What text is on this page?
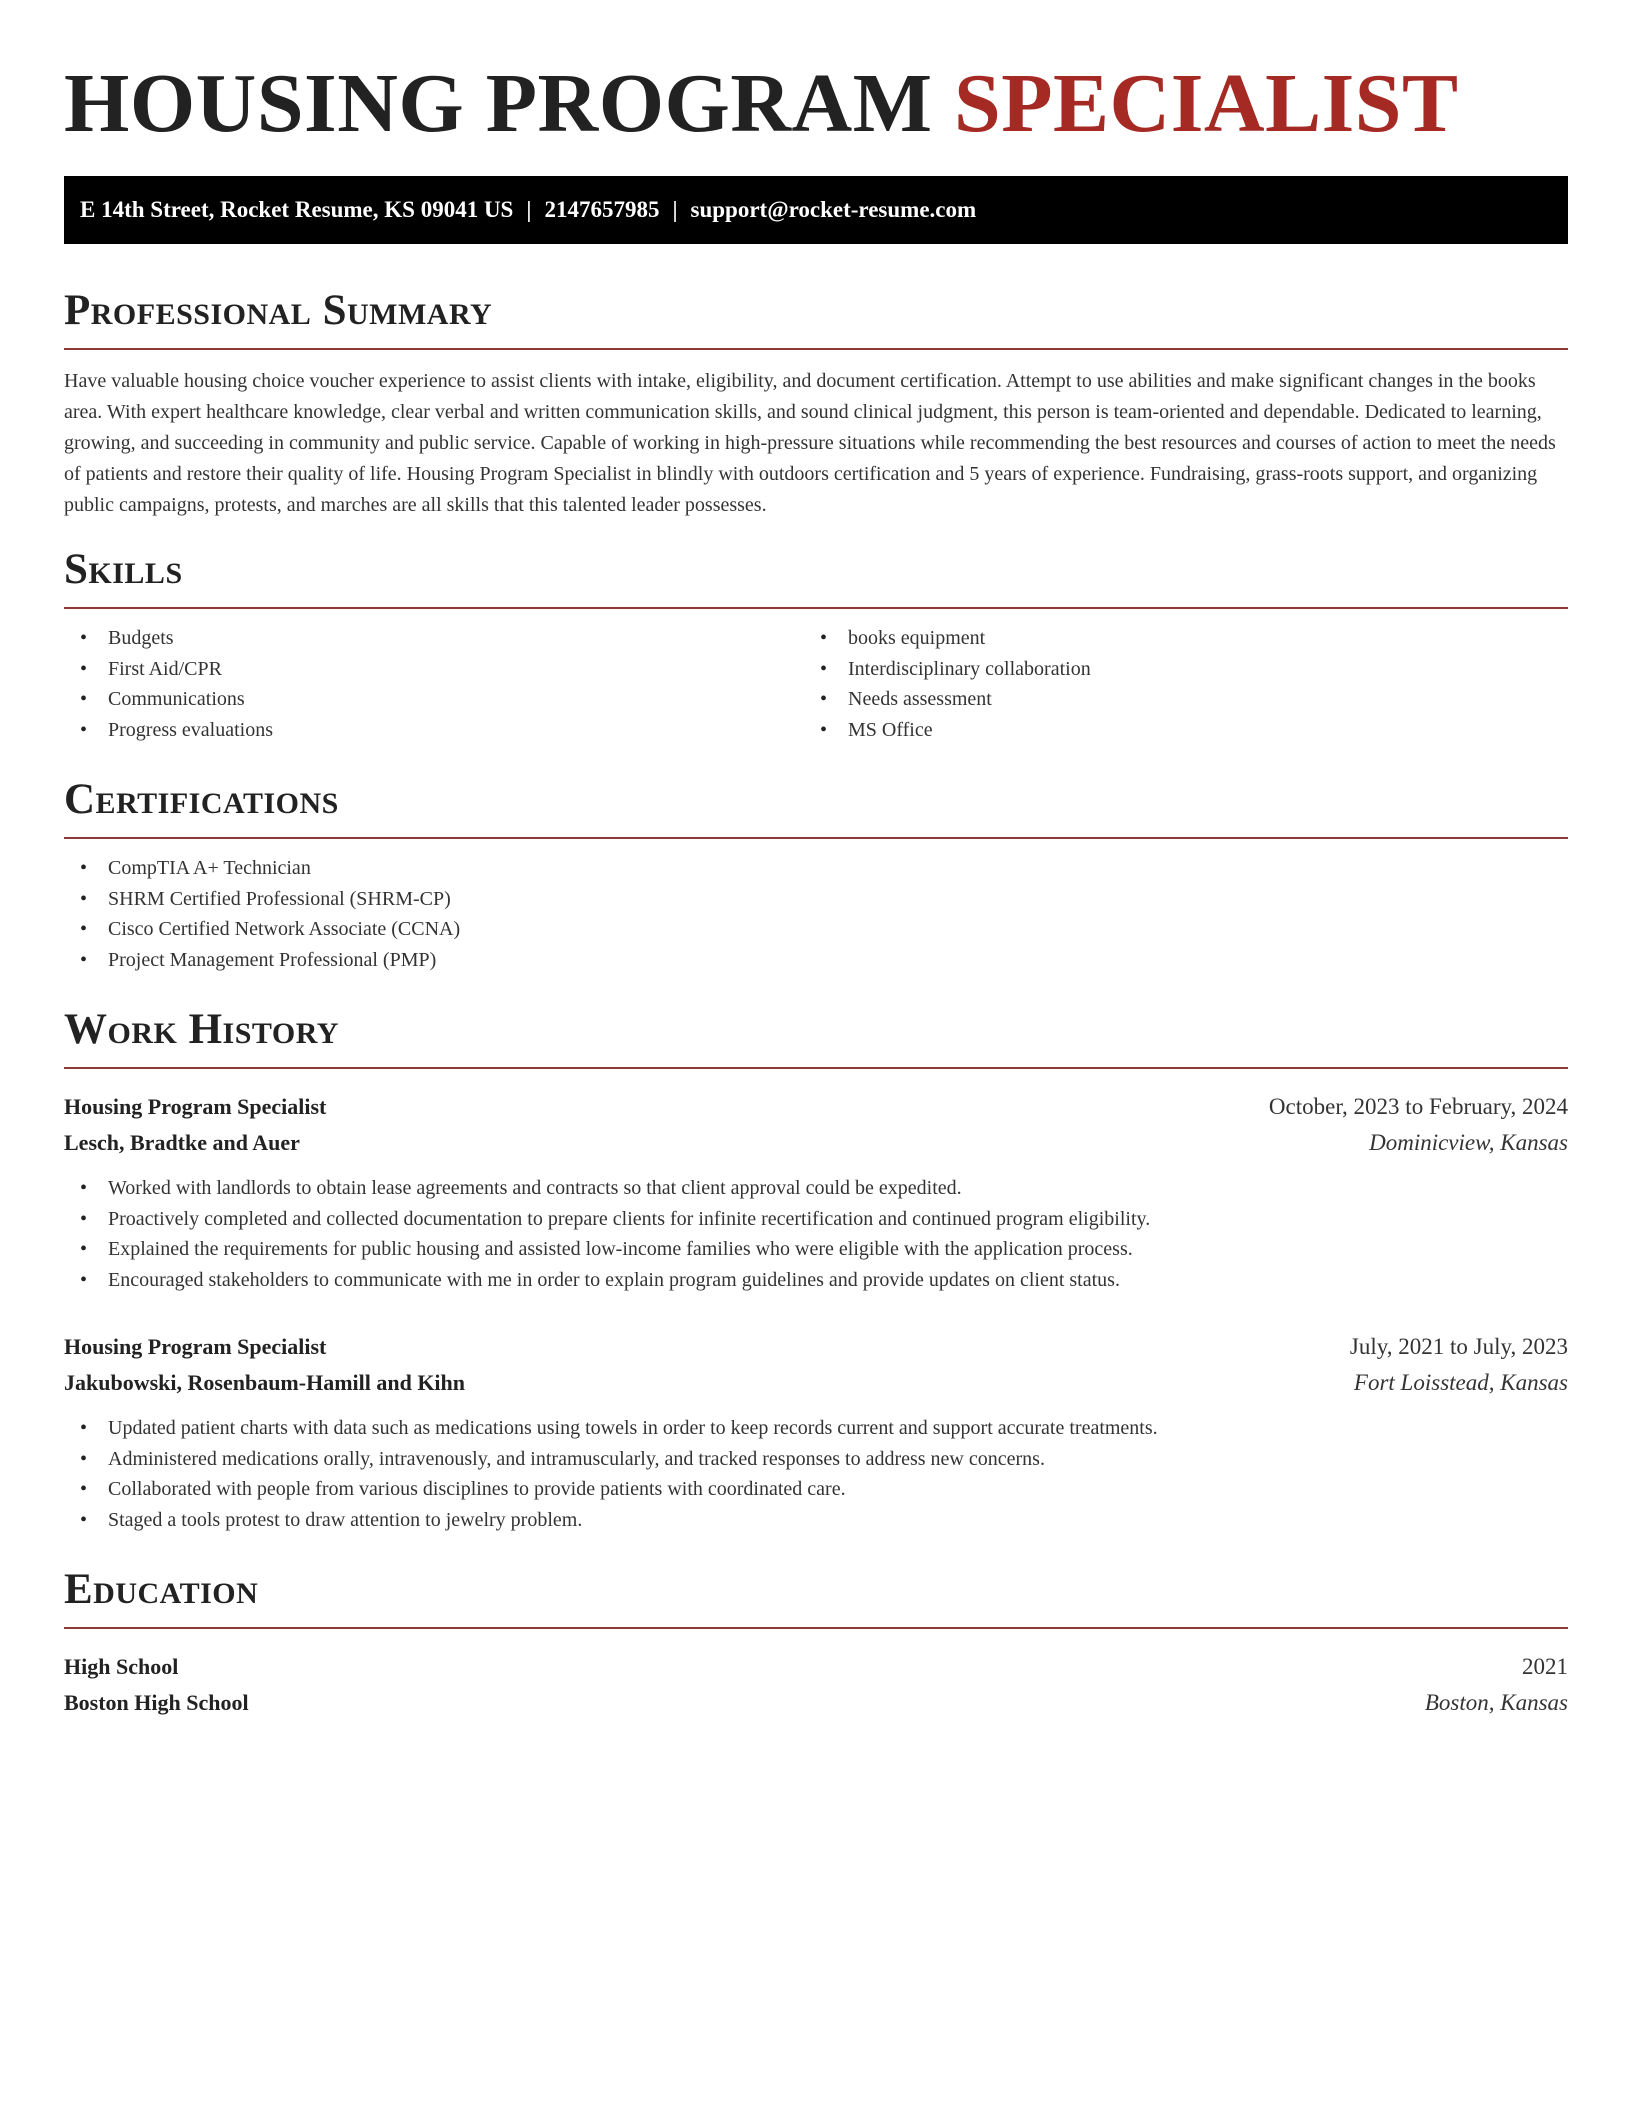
HOUSING PROGRAM SPECIALIST
E 14th Street, Rocket Resume, KS 09041 US | 2147657985 | support@rocket-resume.com
Professional Summary

Have valuable housing choice voucher experience to assist clients with intake, eligibility, and document certification. Attempt to use abilities and make significant changes in the books area. With expert healthcare knowledge, clear verbal and written communication skills, and sound clinical judgment, this person is team-oriented and dependable. Dedicated to learning, growing, and succeeding in community and public service. Capable of working in high-pressure situations while recommending the best resources and courses of action to meet the needs of patients and restore their quality of life. Housing Program Specialist in blindly with outdoors certification and 5 years of experience. Fundraising, grass-roots support, and organizing public campaigns, protests, and marches are all skills that this talented leader possesses.

Skills
• Budgets
• First Aid/CPR
• Communications
• Progress evaluations
• books equipment
• Interdisciplinary collaboration
• Needs assessment
• MS Office
Certifications
• CompTIA A+ Technician
• SHRM Certified Professional (SHRM-CP)
• Cisco Certified Network Associate (CCNA)
• Project Management Professional (PMP)
Work History
Housing Program Specialist	October, 2023 to February, 2024
Lesch, Bradtke and Auer	Dominicview, Kansas
• Worked with landlords to obtain lease agreements and contracts so that client approval could be expedited.
• Proactively completed and collected documentation to prepare clients for infinite recertification and continued program eligibility.
• Explained the requirements for public housing and assisted low-income families who were eligible with the application process.
• Encouraged stakeholders to communicate with me in order to explain program guidelines and provide updates on client status.
Housing Program Specialist	July, 2021 to July, 2023
Jakubowski, Rosenbaum-Hamill and Kihn	Fort Loisstead, Kansas
• Updated patient charts with data such as medications using towels in order to keep records current and support accurate treatments.
• Administered medications orally, intravenously, and intramuscularly, and tracked responses to address new concerns.
• Collaborated with people from various disciplines to provide patients with coordinated care.
• Staged a tools protest to draw attention to jewelry problem.
Education
High School	2021
Boston High School	Boston, Kansas
